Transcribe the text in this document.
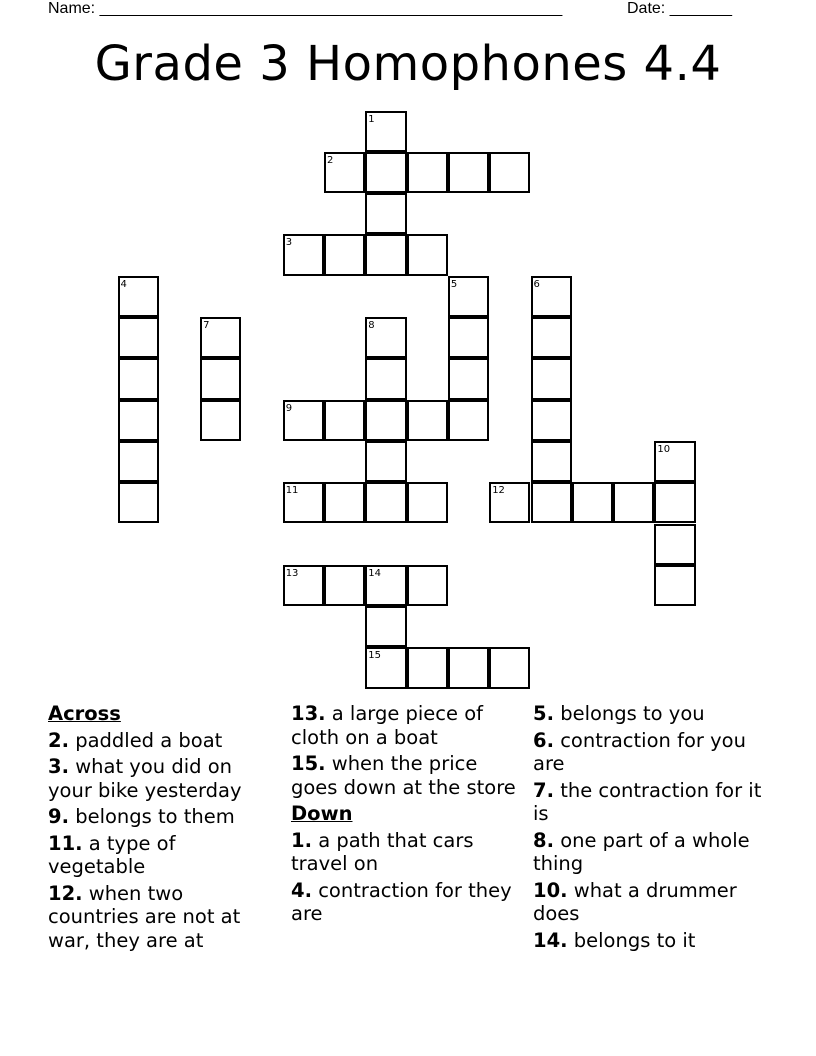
Name: ____________________________________________________	Date: _______
Grade 3 Homophones 4.4
1
2
3
4	5	6
7	8
9
10
11	12
13	14
15
Across
2. paddled a boat
3. what you did on your bike yesterday
9. belongs to them
11. a type of vegetable
12. when two countries are not at war, they are at
13. a large piece of cloth on a boat
15. when the price goes down at the store
Down
1. a path that cars travel on
4. contraction for they are
5. belongs to you
6. contraction for you are
7. the contraction for it is
8. one part of a whole thing
10. what a drummer does
14. belongs to it
